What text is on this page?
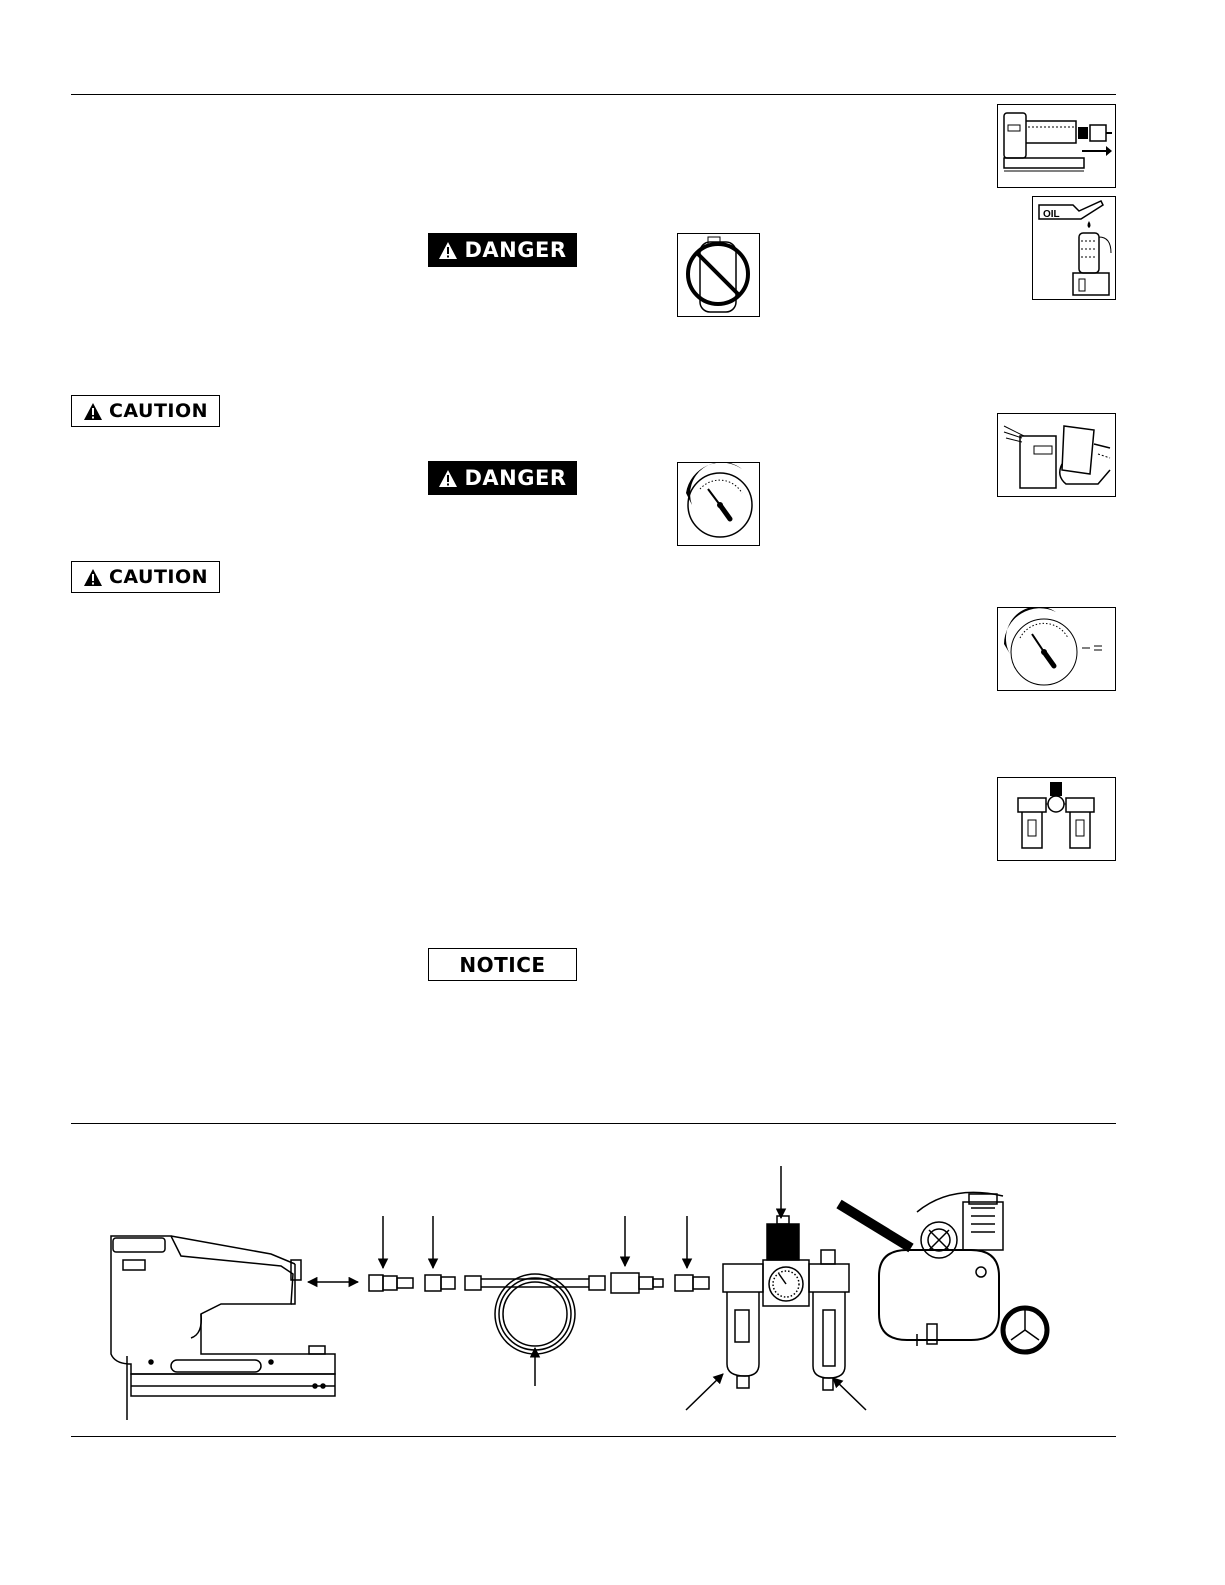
DANGER
DANGER
CAUTION
CAUTION
NOTICE
OIL
